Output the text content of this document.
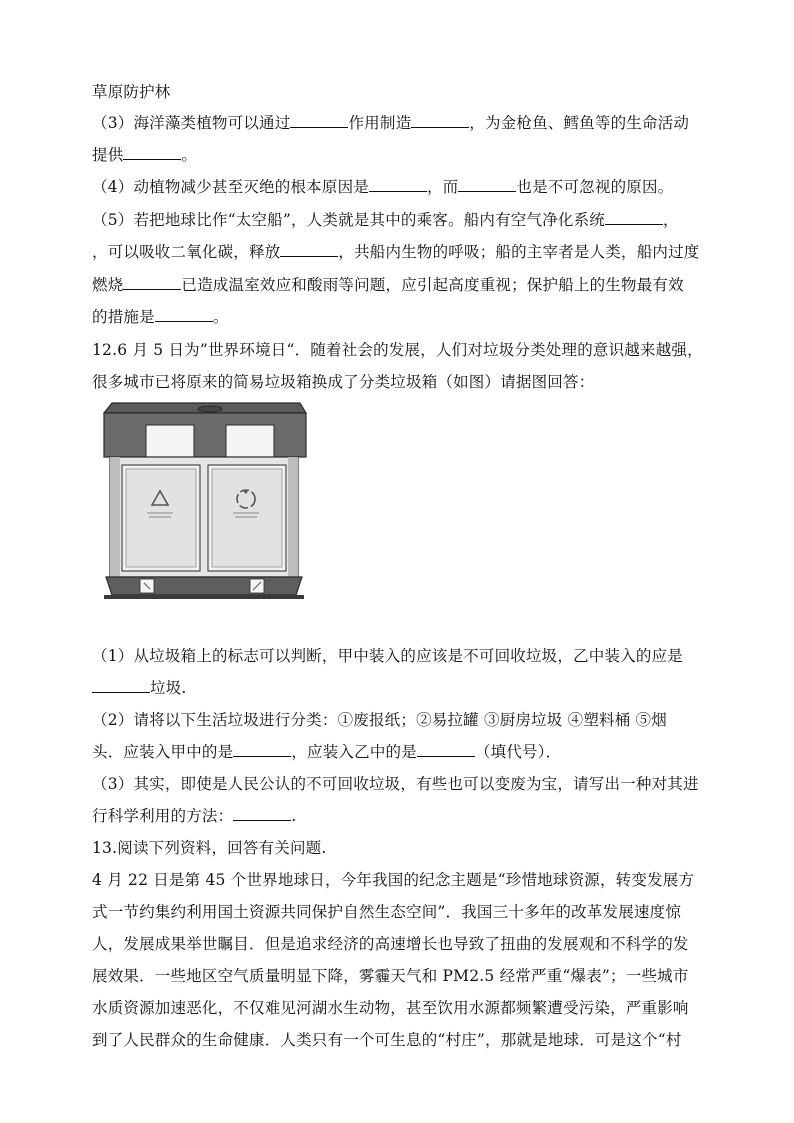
草原防护林
（3）海洋藻类植物可以通过	作用制造	，为金枪鱼、鳕鱼等的生命活动
提供	。
（4）动植物减少甚至灭绝的根本原因是	，而	也是不可忽视的原因。
（5）若把地球比作“太空船”，人类就是其中的乘客。船内有空气净化系统	，
，可以吸收二氧化碳，释放	，共船内生物的呼吸；船的主宰者是人类，船内过度
燃烧	已造成温室效应和酸雨等问题，应引起高度重视；保护船上的生物最有效
的措施是	。
12.6 月 5 日为”世界环境日“．随着社会的发展，人们对垃圾分类处理的意识越来越强，
很多城市已将原来的简易垃圾箱换成了分类垃圾箱（如图）请据图回答：
（1）从垃圾箱上的标志可以判断，甲中装入的应该是不可回收垃圾，乙中装入的应是
垃圾.
（2）请将以下生活垃圾进行分类：①废报纸；②易拉罐 ③厨房垃圾 ④塑料桶 ⑤烟
头．应装入甲中的是	，应装入乙中的是	（填代号）．
（3）其实，即使是人民公认的不可回收垃圾，有些也可以变废为宝，请写出一种对其进
行科学利用的方法：	.
13.阅读下列资料，回答有关问题.
4 月 22 日是第 45 个世界地球日，今年我国的纪念主题是“珍惜地球资源，转变发展方
式一节约集约利用国土资源共同保护自然生态空间”．我国三十多年的改革发展速度惊
人，发展成果举世瞩目．但是追求经济的高速增长也导致了扭曲的发展观和不科学的发
展效果．一些地区空气质量明显下降，雾霾天气和 PM2.5 经常严重“爆表”；一些城市
水质资源加速恶化，不仅难见河湖水生动物，甚至饮用水源都频繁遭受污染，严重影响
到了人民群众的生命健康．人类只有一个可生息的“村庄”，那就是地球．可是这个“村
